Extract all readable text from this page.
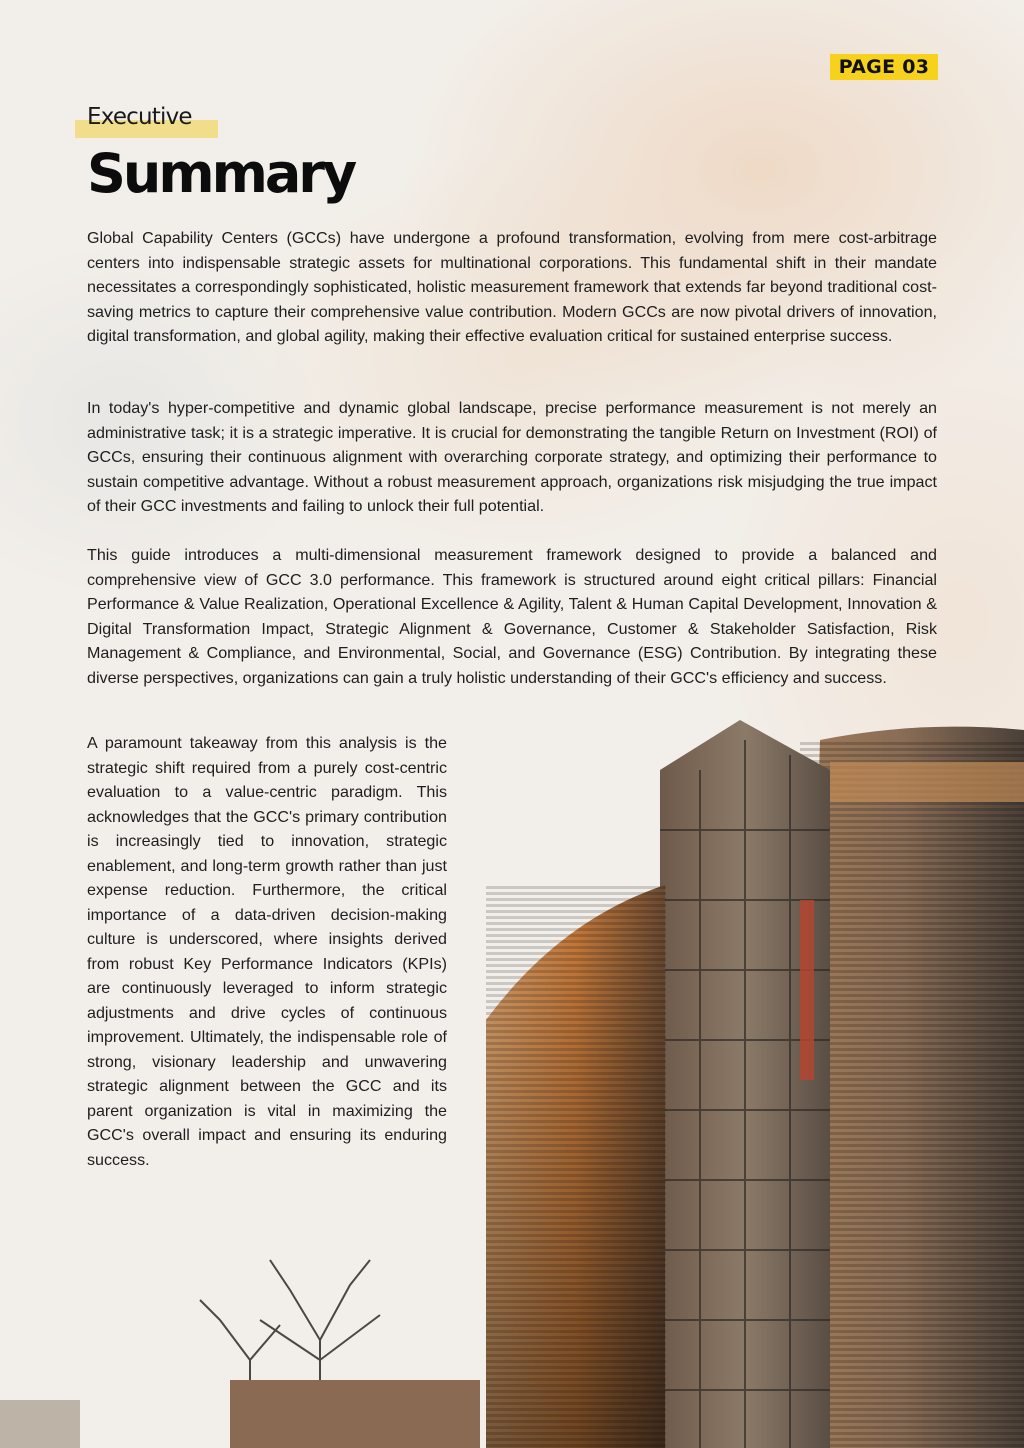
PAGE 03
Executive
Summary

Global Capability Centers (GCCs) have undergone a profound transformation, evolving from mere cost-arbitrage centers into indispensable strategic assets for multinational corporations. This fundamental shift in their mandate necessitates a correspondingly sophisticated, holistic measurement framework that extends far beyond traditional cost-saving metrics to capture their comprehensive value contribution. Modern GCCs are now pivotal drivers of innovation, digital transformation, and global agility, making their effective evaluation critical for sustained enterprise success.

In today's hyper-competitive and dynamic global landscape, precise performance measurement is not merely an administrative task; it is a strategic imperative. It is crucial for demonstrating the tangible Return on Investment (ROI) of GCCs, ensuring their continuous alignment with overarching corporate strategy, and optimizing their performance to sustain competitive advantage. Without a robust measurement approach, organizations risk misjudging the true impact of their GCC investments and failing to unlock their full potential.

This guide introduces a multi-dimensional measurement framework designed to provide a balanced and comprehensive view of GCC 3.0 performance. This framework is structured around eight critical pillars: Financial Performance & Value Realization, Operational Excellence & Agility, Talent & Human Capital Development, Innovation & Digital Transformation Impact, Strategic Alignment & Governance, Customer & Stakeholder Satisfaction, Risk Management & Compliance, and Environmental, Social, and Governance (ESG) Contribution. By integrating these diverse perspectives, organizations can gain a truly holistic understanding of their GCC's efficiency and success.

A paramount takeaway from this analysis is the strategic shift required from a purely cost-centric evaluation to a value-centric paradigm. This acknowledges that the GCC's primary contribution is increasingly tied to innovation, strategic enablement, and long-term growth rather than just expense reduction. Furthermore, the critical importance of a data-driven decision-making culture is underscored, where insights derived from robust Key Performance Indicators (KPIs) are continuously leveraged to inform strategic adjustments and drive cycles of continuous improvement. Ultimately, the indispensable role of strong, visionary leadership and unwavering strategic alignment between the GCC and its parent organization is vital in maximizing the GCC's overall impact and ensuring its enduring success.
